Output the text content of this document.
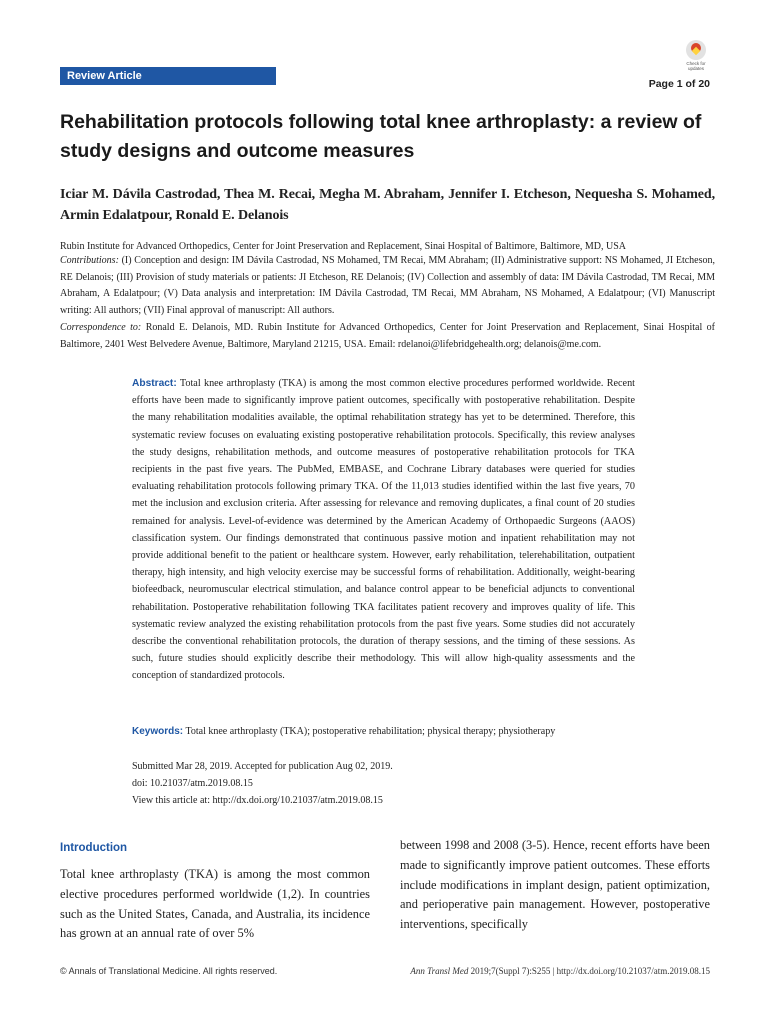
Review Article
Check for updates
Page 1 of 20
Rehabilitation protocols following total knee arthroplasty: a review of study designs and outcome measures
Iciar M. Dávila Castrodad, Thea M. Recai, Megha M. Abraham, Jennifer I. Etcheson, Nequesha S. Mohamed, Armin Edalatpour, Ronald E. Delanois
Rubin Institute for Advanced Orthopedics, Center for Joint Preservation and Replacement, Sinai Hospital of Baltimore, Baltimore, MD, USA
Contributions: (I) Conception and design: IM Dávila Castrodad, NS Mohamed, TM Recai, MM Abraham; (II) Administrative support: NS Mohamed, JI Etcheson, RE Delanois; (III) Provision of study materials or patients: JI Etcheson, RE Delanois; (IV) Collection and assembly of data: IM Dávila Castrodad, TM Recai, MM Abraham, A Edalatpour; (V) Data analysis and interpretation: IM Dávila Castrodad, TM Recai, MM Abraham, NS Mohamed, A Edalatpour; (VI) Manuscript writing: All authors; (VII) Final approval of manuscript: All authors.
Correspondence to: Ronald E. Delanois, MD. Rubin Institute for Advanced Orthopedics, Center for Joint Preservation and Replacement, Sinai Hospital of Baltimore, 2401 West Belvedere Avenue, Baltimore, Maryland 21215, USA. Email: rdelanoi@lifebridgehealth.org; delanois@me.com.
Abstract: Total knee arthroplasty (TKA) is among the most common elective procedures performed worldwide. Recent efforts have been made to significantly improve patient outcomes, specifically with postoperative rehabilitation. Despite the many rehabilitation modalities available, the optimal rehabilitation strategy has yet to be determined. Therefore, this systematic review focuses on evaluating existing postoperative rehabilitation protocols. Specifically, this review analyses the study designs, rehabilitation methods, and outcome measures of postoperative rehabilitation protocols for TKA recipients in the past five years. The PubMed, EMBASE, and Cochrane Library databases were queried for studies evaluating rehabilitation protocols following primary TKA. Of the 11,013 studies identified within the last five years, 70 met the inclusion and exclusion criteria. After assessing for relevance and removing duplicates, a final count of 20 studies remained for analysis. Level-of-evidence was determined by the American Academy of Orthopaedic Surgeons (AAOS) classification system. Our findings demonstrated that continuous passive motion and inpatient rehabilitation may not provide additional benefit to the patient or healthcare system. However, early rehabilitation, telerehabilitation, outpatient therapy, high intensity, and high velocity exercise may be successful forms of rehabilitation. Additionally, weight-bearing biofeedback, neuromuscular electrical stimulation, and balance control appear to be beneficial adjuncts to conventional rehabilitation. Postoperative rehabilitation following TKA facilitates patient recovery and improves quality of life. This systematic review analyzed the existing rehabilitation protocols from the past five years. Some studies did not accurately describe the conventional rehabilitation protocols, the duration of therapy sessions, and the timing of these sessions. As such, future studies should explicitly describe their methodology. This will allow high-quality assessments and the conception of standardized protocols.
Keywords: Total knee arthroplasty (TKA); postoperative rehabilitation; physical therapy; physiotherapy
Submitted Mar 28, 2019. Accepted for publication Aug 02, 2019.
doi: 10.21037/atm.2019.08.15
View this article at: http://dx.doi.org/10.21037/atm.2019.08.15
Introduction
Total knee arthroplasty (TKA) is among the most common elective procedures performed worldwide (1,2). In countries such as the United States, Canada, and Australia, its incidence has grown at an annual rate of over 5%
between 1998 and 2008 (3-5). Hence, recent efforts have been made to significantly improve patient outcomes. These efforts include modifications in implant design, patient optimization, and perioperative pain management. However, postoperative interventions, specifically
© Annals of Translational Medicine. All rights reserved.	Ann Transl Med 2019;7(Suppl 7):S255 | http://dx.doi.org/10.21037/atm.2019.08.15
